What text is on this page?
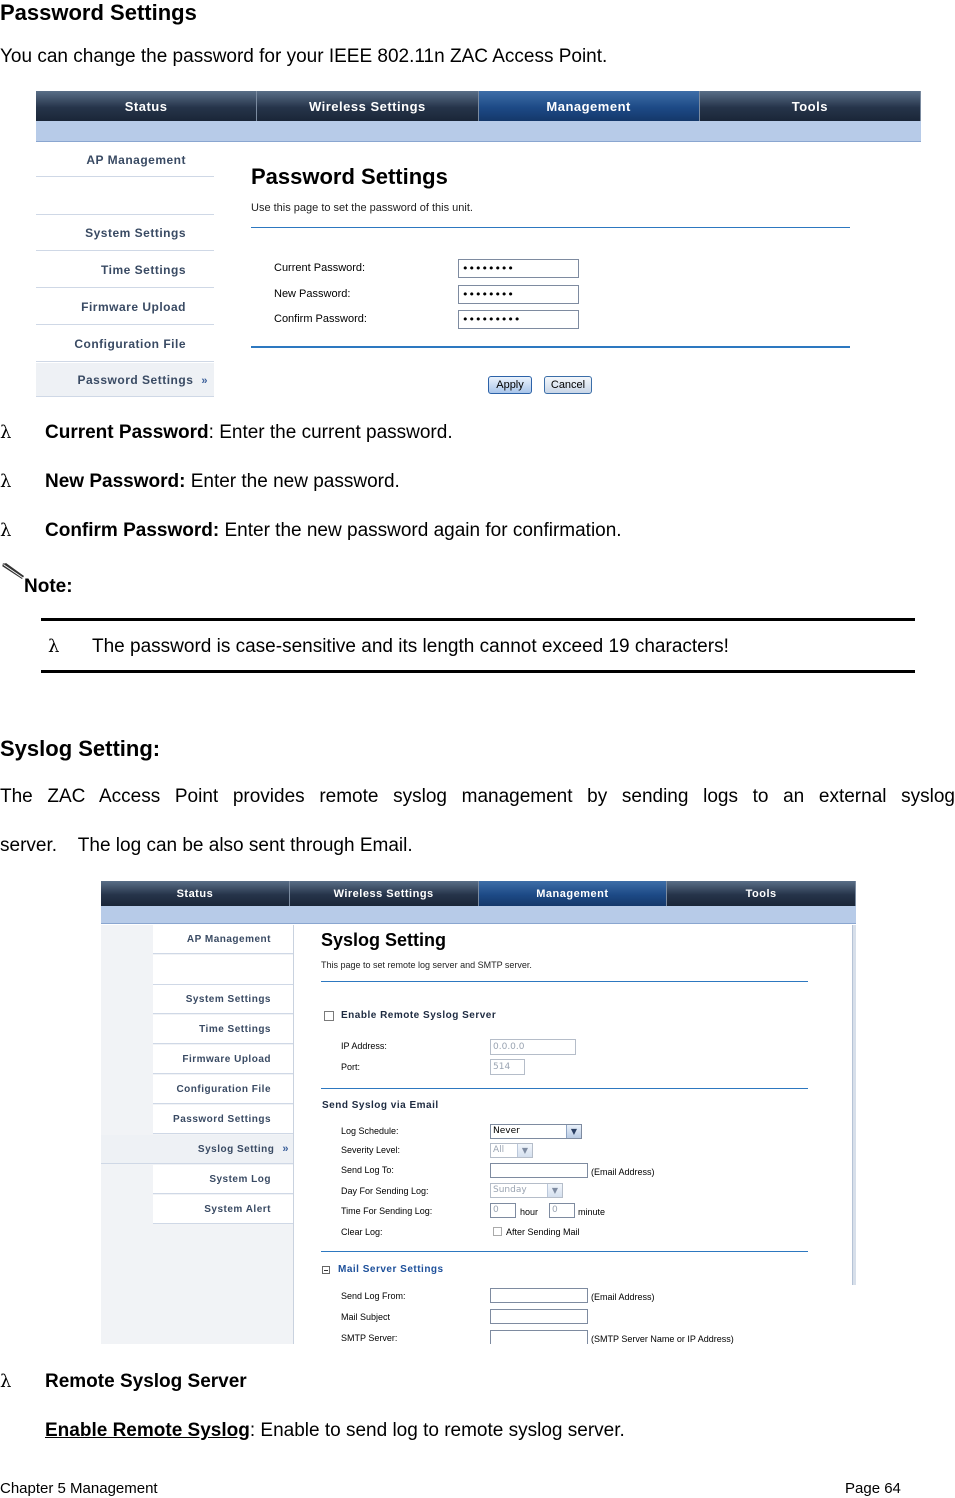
Password Settings
You can change the password for your IEEE 802.11n ZAC Access Point.
Status	Wireless Settings	Management	Tools
AP Management
System Settings
Time Settings
Firmware Upload
Configuration File
Password Settings »
Password Settings
Use this page to set the password of this unit.
Current Password:	••••••••
New Password:	••••••••
Confirm Password:	•••••••••
Apply	Cancel
λ Current Password: Enter the current password.
λ New Password: Enter the new password.
λ Confirm Password: Enter the new password again for confirmation.
Note:
λ The password is case-sensitive and its length cannot exceed 19 characters!
Syslog Setting:
The ZAC Access Point provides remote syslog management by sending logs to an external syslog
server.    The log can be also sent through Email.
Status	Wireless Settings	Management	Tools
AP Management
System Settings
Time Settings
Firmware Upload
Configuration File
Password Settings
Syslog Setting »
System Log
System Alert
Syslog Setting
This page to set remote log server and SMTP server.
Enable Remote Syslog Server
IP Address:	0.0.0.0
Port:	514
Send Syslog via Email
Log Schedule:	Never	▼
Severity Level:	All	▼
Send Log To:	(Email Address)
Day For Sending Log:	Sunday	▼
Time For Sending Log:	0	hour	0	minute
Clear Log:	After Sending Mail
Mail Server Settings
Send Log From:	(Email Address)
Mail Subject
SMTP Server:	(SMTP Server Name or IP Address)
λ Remote Syslog Server
Enable Remote Syslog: Enable to send log to remote syslog server.
Chapter 5 Management	Page 64
